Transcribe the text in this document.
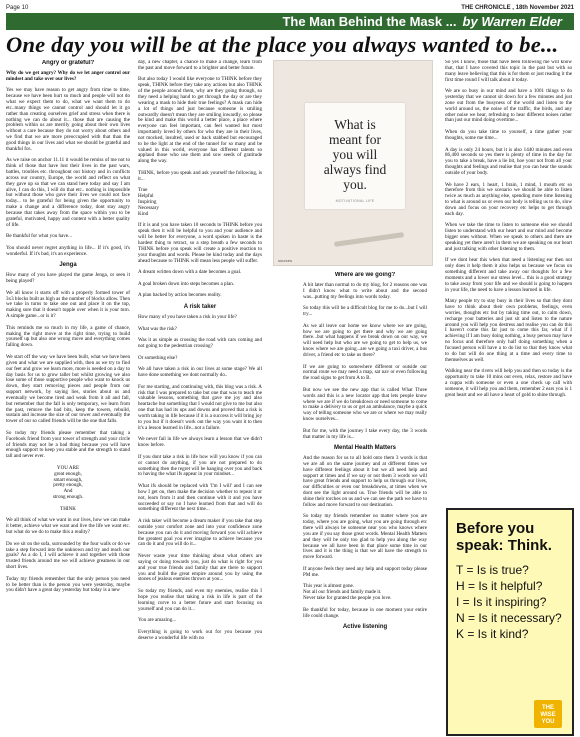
Page 10	THE CHRONICLE , 18th November 2021
The Man Behind the Mask ... by Warren Elder
One day you will be at the place you always wanted to be...
Angry or grateful?

Why do we get angry? Why do we let anger control our mindset and take over our lives?

Yes we may have reason to get angry from time to time, because we have been hurt so much and people will not do what we expect them to do, what we want them to do etc..many things we cannot control and should let it go rather than creating ourselves grief and stress when there is nothing we can do about it... those that are causing the problem within us are merrily going about their own lives without a care because they do not worry about others and we find that we are more preoccupied with that than the good things in our lives and what we should be grateful and thankful for..

As we raise on anchor 11.11 it would be remiss of me not to think of those that have lost their lives in the past wars, battles, troubles etc. throughout our history and in conflicts across our country, Europe, the world and reflect on what they gave up so that we can stand here today and say I am alive, I can do this, I will do that etc.. nothing is impossible but without those who gave their lives we could not face today... to be grateful for being given the opportunity to make a change and a difference today, dont stay angry because that takes away from the space within you to be grateful, motivated, happy and content with a better quality of life.

Be thankful for what you have...

You should never regret anything in life... If it's good, it's wonderful. If it's bad, it's an experience.

Jenga

How many of you have played the game Jenga, or seen it being played?

We all know it starts off with a properly formed tower of 3x3 blocks built as high as the number of blocks allow. Then we take in turns to take one out and place it on the top, making sure that it doesn't topple over when it is your turn. A simple game...or is it?

This reminds me so much in my life, a game of chance, making the right move at the right time, trying to build yourself up but also one wrong move and everything comes falling down.

We start off the way we have been built, what we have been given and what we are supplied with, then as we try to find our feet and grow we learn more, more is needed on a day to day basis for us to grow taller but whilst growing we also lose some of those supportive people who want to knock us down, they start removing pieces and people from our support network, by saying lies, stories about us and eventually we become tired and weak from it all and fall, but remember that the fall is only temporary, we learn from the past, remove the bad bits, keep the towers, rebuild, sustain and increase the size of our tower and eventually the tower of our so called friends will be the one that falls.

So today my friends please remember that taking a Facebook friend from your tower of strength and your circle of friends may not be a bad thing because you will have enough support to keep you stable and the strength to stand tall and never ever.

YOU ARE
great enough,
smart enough,
pretty enough,
And
strong enough.

THINK

We all think of what we want in our lives, how we can make it better, achieve what we want and live the life we want etc. but what do we do to make this a reality?

Do we sit on the sofa, surrounded by the four walls or do we take a step forward into the unknown and try and reach our goals? As a do I, I will achieve it and together with those trusted friends around me we will achieve greatness in our short lives.

Today my friends remember that the only person you need to be better than is the person you were yesterday, maybe you didn't have a great day yesterday but today is a new

day, a new chapter, a chance to make a change, learn from the past and move forward to a brighter and better future.

But also today I would like everyone to THINK before they speak, THINK before they take any actions but also THINK of the people around them, why are they going through, so they need a helping hand to get through the day or are they wearing a mask to hide their true feelings? A mask can hide a lot of things and just because someone is smiling outwardly doesn't mean they are smiling inwardly, so please be kind and make this world a better place, a place where everyone can feel important, can feel wanted but most importantly loved by others for who they are in their lives, not mocked, insulted, used or back stabbed but encouraged to be the light at the end of the tunnel for so many and be valued in this world, everyone has different talents so applaud those who use them and sow seeds of gratitude along the way.

THINK, before you speak and ask yourself the following, is it...

True
Helpful
Inspiring
Necessary
Kind

If it is and you have taken 10 seconds to THINK before you speak then it will be helpful to you and your audience and will be better for everyone, a word spoken in haste is the hardest thing to retract, so a step breath a few seconds to THINK before you speak will create a positive reaction to your thoughts and words. Please be kind today and the days ahead because to THINK will mean less people will suffer.

A dream written down with a date becomes a goal.

A goal broken down into steps becomes a plan.

A plan backed by action becomes reality.

A risk taker

How many of you have taken a risk in your life?

What was the risk?

Was it as simple as crossing the road with cars coming and not going to the pedestrian crossing?

Or something else?

We all have taken a risk in our lives at some stage? We all have done something we dont normally do..

For me starting, and continuing with, this blog was a risk. A risk that I was prepared to take but one that was to teach me valuable lessons, something that gave me joy and also heartache but something that I would not give to me but also one that has had its ups and downs and proved that a risk is worth taking in life because if it is a success it will bring joy to you but if it doesn't work out the way you want it to then it's a lesson learned in life...not a failure.

We never fail in life we always learn a lesson that we didn't know before.

If you dont take a risk in life how will you know if you can or cannot do anything, if you are not prepared to do something then the regret will be hanging over you and back to having the what ifs appear in your mindset...

What ifs should be replaced with 'I'm I will' and I can see how I get on, then make the decision whether to repeat it or not, learn from it and then continue with it and you have succeeded or say no I have learned from that and will do something different the next time...

A risk taker will become a dream maker if you take that step outside your comfort zone and into your confidence zone because you can do it and moving forward you will achieve the greatest goal you ever imagine to achieve because you can do it and you will do it...

Never waste your time thinking about what others are saying or doing towards you, just do what is right for you and your true friends and family that are there to support you and build the great empire around you by using the stones of jealous enemies thrown at you...

So today my friends, and even my enemies, realise this I hope you realise that taking a risk in life is part of the learning curve to a better future and start focusing on yourself and you can do it...

You are amazing...

Everything is going to work out for you because you deserve a wonderful life with no

What is
meant for
you will
always find
you.
MOTIVATIONAL LIFE
sources
Where are we going?

A bit later than normal to do my blog, for 2 reasons one was I didn't know what to write about and the second was...putting my feelings into words today.

So today this will be a difficult blog for me to do...but I will try...

As we all leave our home we know where we are going, how we are going to get there and why we are going there...but what happens if we break down on our way, we will need help but who are we going to get to help us, we know where we are going...are we going a taxi driver, a bus driver, a friend etc to take us there?

If we are going to somewhere different or outside our normal route we may need a map, sat nav or even following the road signs to get from A to B.

But now we see the new app that is called What Three words and this is a new locator app that lets people know where we are if we do breakdown or need someone to come to make a delivery to us or get an ambulance, maybe a quick way of telling someone who we are or where we may really know ourselves...

But for me, with the journey I take every day, the 3 words that matter in my life is...

Mental Health Matters

And the reason for us to all hold onto them 3 words is that we are all on the same journey and at different times we have different feelings about it but we all need help and support at times and if we say or not them 3 words we will have great friends and support to help us through our lives, our difficulties or even our breakdowns, at times when we dont see the light around us. True friends will be able to shine their torches on us and we can see the path we have to follow and move forward to our destination.

So today my friends remember no matter where you are today, where you are going, what you are going through etc there will always be someone near you who knows where you are if you say those great words. Mental Health Matters and they will be only too glad to help you along the way because we all have been in that place some time in our lives and it is the thing is that we all have the strength to move forward.

If anyone feels they need any help and support today please PM me.

This year is almost gone.
Not all our friends and family made it.
Never take for granted the people you love.

Be thankful for today, because in one moment your entire life could change.

Active listening

So yes I know, those that have been following me will know that, that I have covered this topic in the past but with so many leave believing that this is for them or just reading it the first time round I will talk about it today.

We are so busy in our mind and have a 1001 things to do yesterday that we cannot sit down for a few minutes and just zone out from the busyness of the world and listen to the world around us, the noise of the traffic, the birds, and any other noise we hear, refreshing to hear different noises rather than just our mind doing overtime...

When do you take time to yourself, a time gather your thoughts, some me time...

A day is only 24 hours, but it is also 1440 minutes and even 86,400 seconds so yes there is plenty of time in the day for you to take a break, have a lie bit, hoe your not from all your thoughts and feelings and realise that you can hear the sounds outside of your body.

We have 2 ears, 1 heart, 1 brain, 1 mind, 1 mouth etc so therefore from this we scenario we should be able to listen twice as much as anything else, spending more time listening to what is around us or even our body is telling us to do, slow down and focus on your recovery etc helps to get through each day.

When we take the time to listen to someone else we should listen to understand with our heart and our mind and become bigger ones without. When we speak to others and there are speaking yet there aren't in them we are speaking on our heart and just talking with other listening to them.

If we dont hear this when that need a listening ear then not only does it help them it also helps us because we focus on something different and take away our thoughts for a few moments and a lower our stress level... this is a good strategy to take away from your life and we should is going to happen in your life, the need to have a lesson learned in life.

Many people try to stay busy in their lives so that they dont have to think about their own problems, feelings, even worries, thoughts etc but by taking time out, to calm down, recharge your batteries and just sit and listen to the nature around you will help you destress and realise you can do this I haven't come this far just to come this far, what if I achieving if I am busy doing nothing, a busy person may have no focus and therefore only half doing something when a focused person will have a to do list so that they know what to do but will do one thing at a time and every time to themselves as well.

Walking near the rivers will help you and then so today is the opportunity to take 10 mins out even, relax, restore and have a cuppa with someone or even a one check up call with someone, it will help you and them, remember 2 ears you is 1 great heart and we all have a heart of gold to shine through.

Before you
speak: Think.
T = Is is true?
H = Is it helpful?
I = Is it inspiring?
N = Is it necessary?
K = Is it kind?
THE
WISE
YOU
